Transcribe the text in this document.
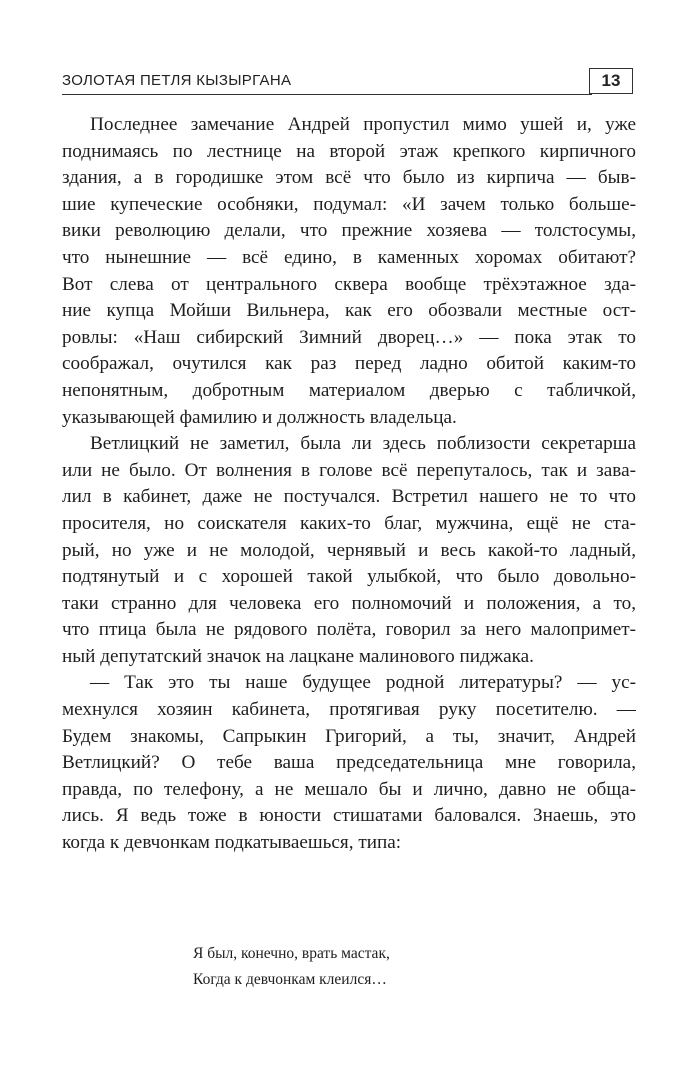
ЗОЛОТАЯ ПЕТЛЯ КЫЗЫРГАНА	13

Последнее замечание Андрей пропустил мимо ушей и, уже
поднимаясь по лестнице на второй этаж крепкого кирпичного
здания, а в городишке этом всё что было из кирпича — быв-
шие купеческие особняки, подумал: «И зачем только больше-
вики революцию делали, что прежние хозяева — толстосумы,
что нынешние — всё едино, в каменных хоромах обитают?
Вот слева от центрального сквера вообще трёхэтажное зда-
ние купца Мойши Вильнера, как его обозвали местные ост-
ровлы: «Наш сибирский Зимний дворец…» — пока этак то
соображал, очутился как раз перед ладно обитой каким-то
непонятным, добротным материалом дверью с табличкой,
указывающей фамилию и должность владельца.

Ветлицкий не заметил, была ли здесь поблизости секретарша
или не было. От волнения в голове всё перепуталось, так и зава-
лил в кабинет, даже не постучался. Встретил нашего не то что
просителя, но соискателя каких-то благ, мужчина, ещё не ста-
рый, но уже и не молодой, чернявый и весь какой-то ладный,
подтянутый и с хорошей такой улыбкой, что было довольно-
таки странно для человека его полномочий и положения, а то,
что птица была не рядового полёта, говорил за него малопримет-
ный депутатский значок на лацкане малинового пиджака.

— Так это ты наше будущее родной литературы? — ус-
мехнулся хозяин кабинета, протягивая руку посетителю. —
Будем знакомы, Сапрыкин Григорий, а ты, значит, Андрей
Ветлицкий? О тебе ваша председательница мне говорила,
правда, по телефону, а не мешало бы и лично, давно не обща-
лись. Я ведь тоже в юности стишатами баловался. Знаешь, это
когда к девчонкам подкатываешься, типа:

Я был, конечно, врать мастак,
Когда к девчонкам клеился…
